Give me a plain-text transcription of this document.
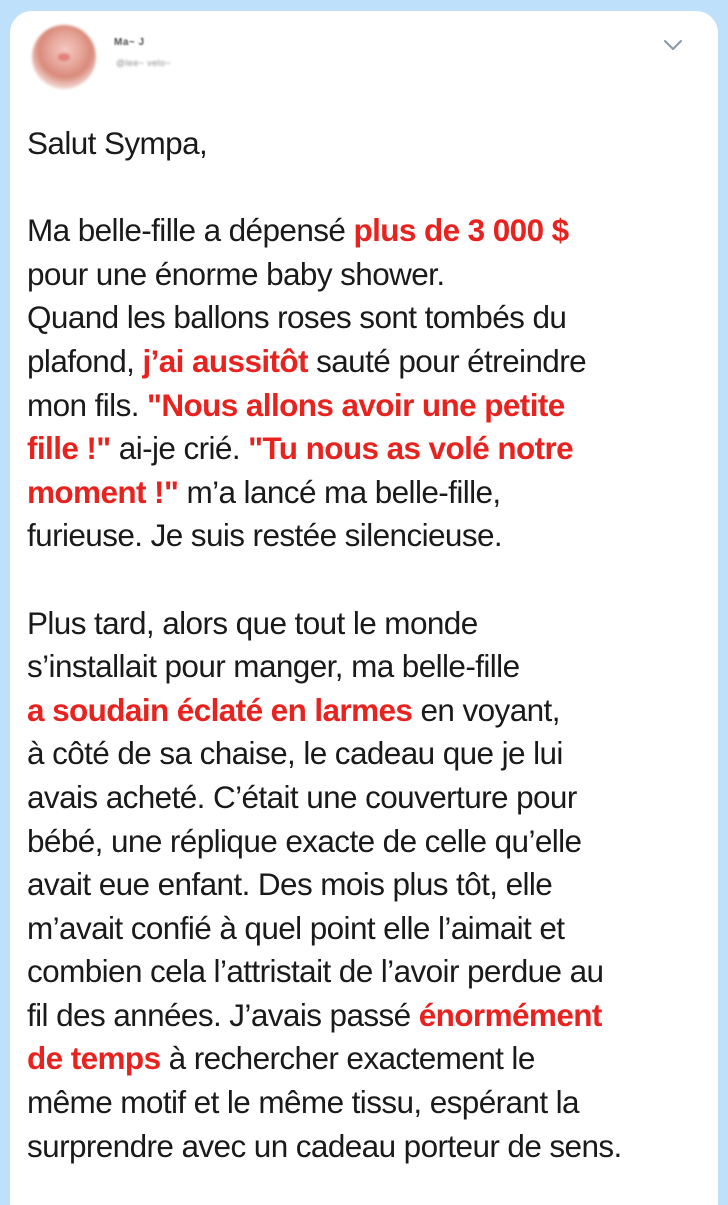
Ma~ J
@lee~ velo~
Salut Sympa,
Ma belle-fille a dépensé plus de 3 000 $
pour une énorme baby shower.
Quand les ballons roses sont tombés du
plafond, j’ai aussitôt sauté pour étreindre
mon fils. "Nous allons avoir une petite
fille !" ai-je crié. "Tu nous as volé notre
moment !" m’a lancé ma belle-fille,
furieuse. Je suis restée silencieuse.
Plus tard, alors que tout le monde
s’installait pour manger, ma belle-fille
a soudain éclaté en larmes en voyant,
à côté de sa chaise, le cadeau que je lui
avais acheté. C’était une couverture pour
bébé, une réplique exacte de celle qu’elle
avait eue enfant. Des mois plus tôt, elle
m’avait confié à quel point elle l’aimait et
combien cela l’attristait de l’avoir perdue au
fil des années. J’avais passé énormément
de temps à rechercher exactement le
même motif et le même tissu, espérant la
surprendre avec un cadeau porteur de sens.
